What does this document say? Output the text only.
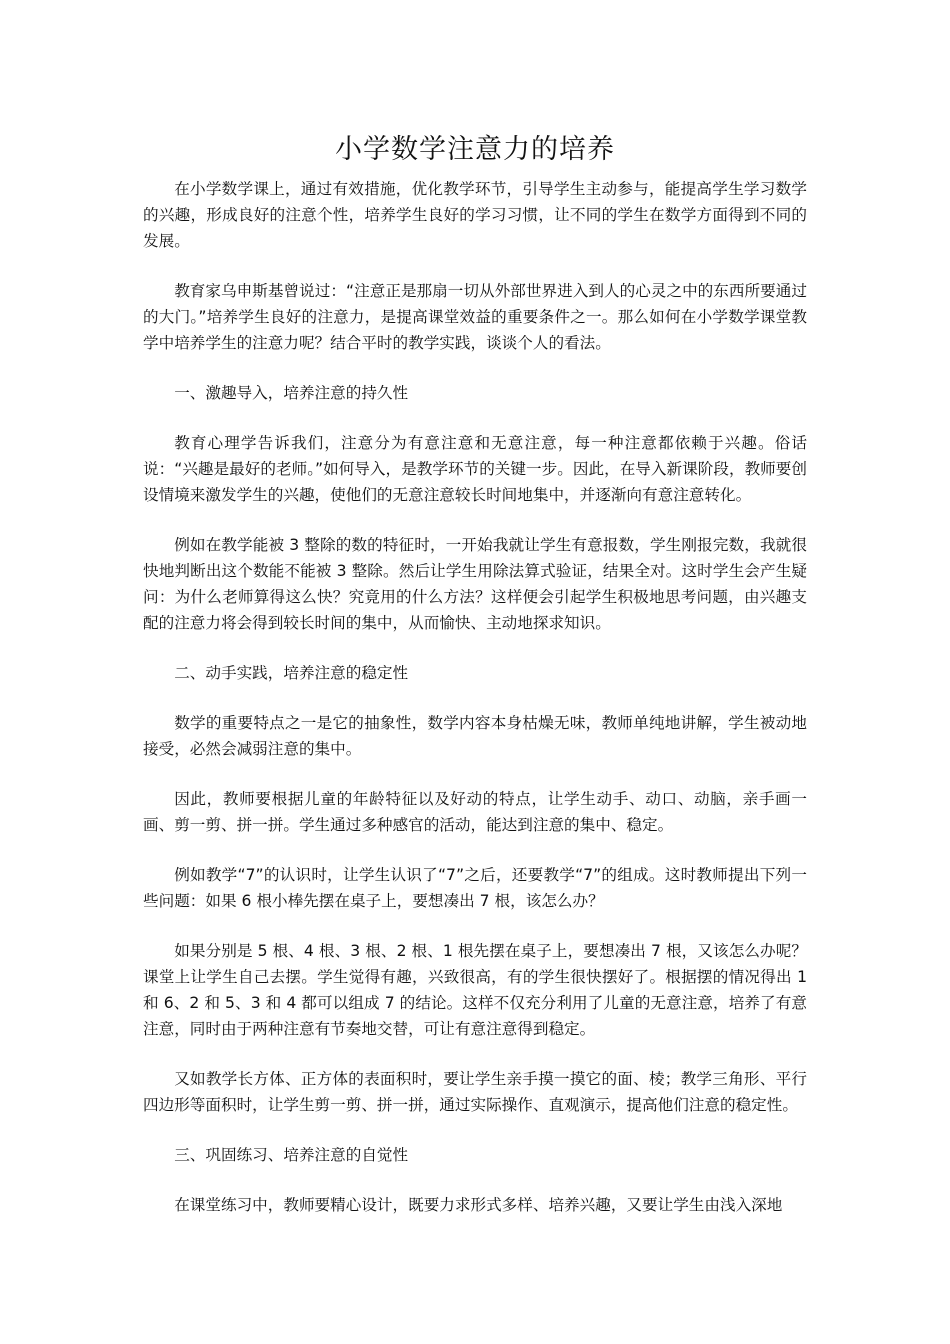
小学数学注意力的培养

在小学数学课上，通过有效措施，优化教学环节，引导学生主动参与，能提高学生学习数学的兴趣，形成良好的注意个性，培养学生良好的学习习惯，让不同的学生在数学方面得到不同的发展。

教育家乌申斯基曾说过：“注意正是那扇一切从外部世界进入到人的心灵之中的东西所要通过的大门。”培养学生良好的注意力，是提高课堂效益的重要条件之一。那么如何在小学数学课堂教学中培养学生的注意力呢？结合平时的教学实践，谈谈个人的看法。

一、激趣导入，培养注意的持久性

教育心理学告诉我们，注意分为有意注意和无意注意，每一种注意都依赖于兴趣。俗话说：“兴趣是最好的老师。”如何导入，是教学环节的关键一步。因此，在导入新课阶段，教师要创设情境来激发学生的兴趣，使他们的无意注意较长时间地集中，并逐渐向有意注意转化。

例如在教学能被 3 整除的数的特征时，一开始我就让学生有意报数，学生刚报完数，我就很快地判断出这个数能不能被 3 整除。然后让学生用除法算式验证，结果全对。这时学生会产生疑问：为什么老师算得这么快？究竟用的什么方法？这样便会引起学生积极地思考问题，由兴趣支配的注意力将会得到较长时间的集中，从而愉快、主动地探求知识。

二、动手实践，培养注意的稳定性

数学的重要特点之一是它的抽象性，数学内容本身枯燥无味，教师单纯地讲解，学生被动地接受，必然会减弱注意的集中。

因此，教师要根据儿童的年龄特征以及好动的特点，让学生动手、动口、动脑，亲手画一画、剪一剪、拼一拼。学生通过多种感官的活动，能达到注意的集中、稳定。

例如教学“7”的认识时，让学生认识了“7”之后，还要教学“7”的组成。这时教师提出下列一些问题：如果 6 根小棒先摆在桌子上，要想凑出 7 根，该怎么办？

如果分别是 5 根、4 根、3 根、2 根、1 根先摆在桌子上，要想凑出 7 根，又该怎么办呢？课堂上让学生自己去摆。学生觉得有趣，兴致很高，有的学生很快摆好了。根据摆的情况得出 1 和 6、2 和 5、3 和 4 都可以组成 7 的结论。这样不仅充分利用了儿童的无意注意，培养了有意注意，同时由于两种注意有节奏地交替，可让有意注意得到稳定。

又如教学长方体、正方体的表面积时，要让学生亲手摸一摸它的面、棱；教学三角形、平行四边形等面积时，让学生剪一剪、拼一拼，通过实际操作、直观演示，提高他们注意的稳定性。

三、巩固练习、培养注意的自觉性

在课堂练习中，教师要精心设计，既要力求形式多样、培养兴趣，又要让学生由浅入深地
